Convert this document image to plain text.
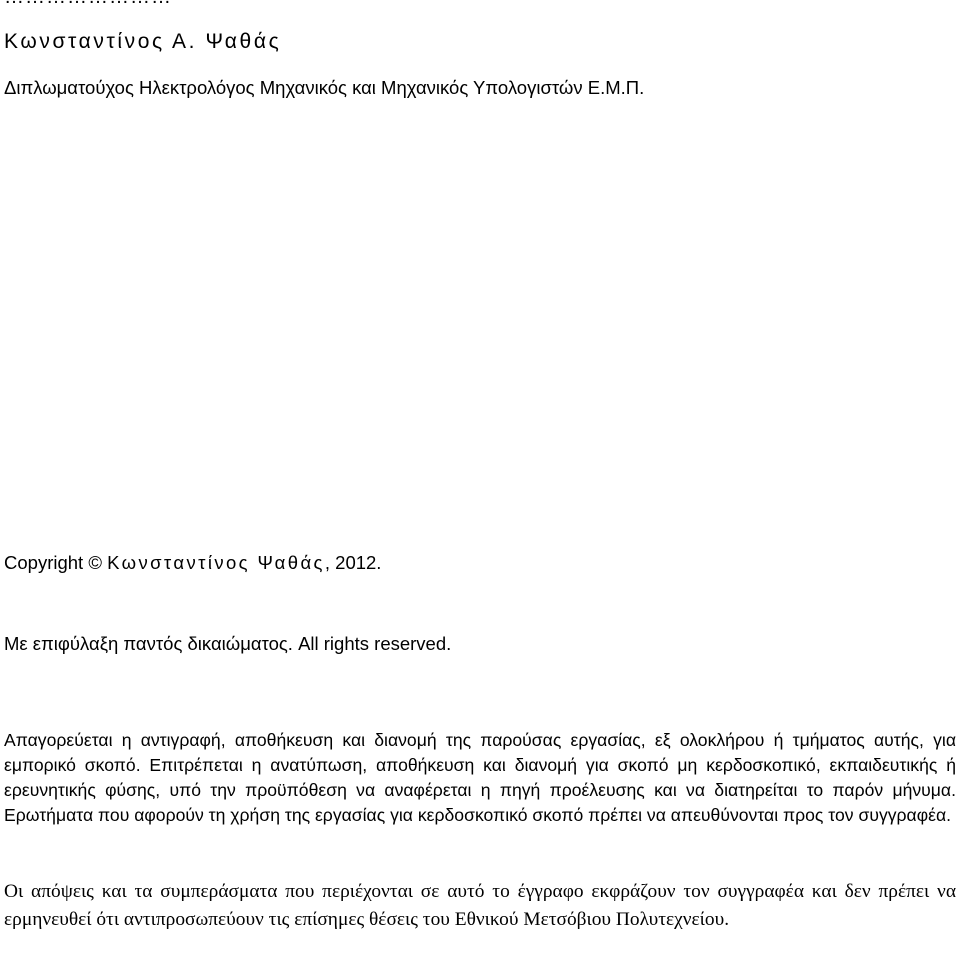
Κωνσταντίνος Α. Ψαθάς
Διπλωματούχος Ηλεκτρολόγος Μηχανικός και Μηχανικός Υπολογιστών Ε.Μ.Π.
Copyright © Κωνσταντίνος Ψαθάς, 2012.
Με επιφύλαξη παντός δικαιώματος. All rights reserved.

Απαγορεύεται η αντιγραφή, αποθήκευση και διανομή της παρούσας εργασίας, εξ ολοκλήρου ή τμήματος αυτής, για εμπορικό σκοπό. Επιτρέπεται η ανατύπωση, αποθήκευση και διανομή για σκοπό μη κερδοσκοπικό, εκπαιδευτικής ή ερευνητικής φύσης, υπό την προϋπόθεση να αναφέρεται η πηγή προέλευσης και να διατηρείται το παρόν μήνυμα. Ερωτήματα που αφορούν τη χρήση της εργασίας για κερδοσκοπικό σκοπό πρέπει να απευθύνονται προς τον συγγραφέα.

Οι απόψεις και τα συμπεράσματα που περιέχονται σε αυτό το έγγραφο εκφράζουν τον συγγραφέα και δεν πρέπει να ερμηνευθεί ότι αντιπροσωπεύουν τις επίσημες θέσεις του Εθνικού Μετσόβιου Πολυτεχνείου.
